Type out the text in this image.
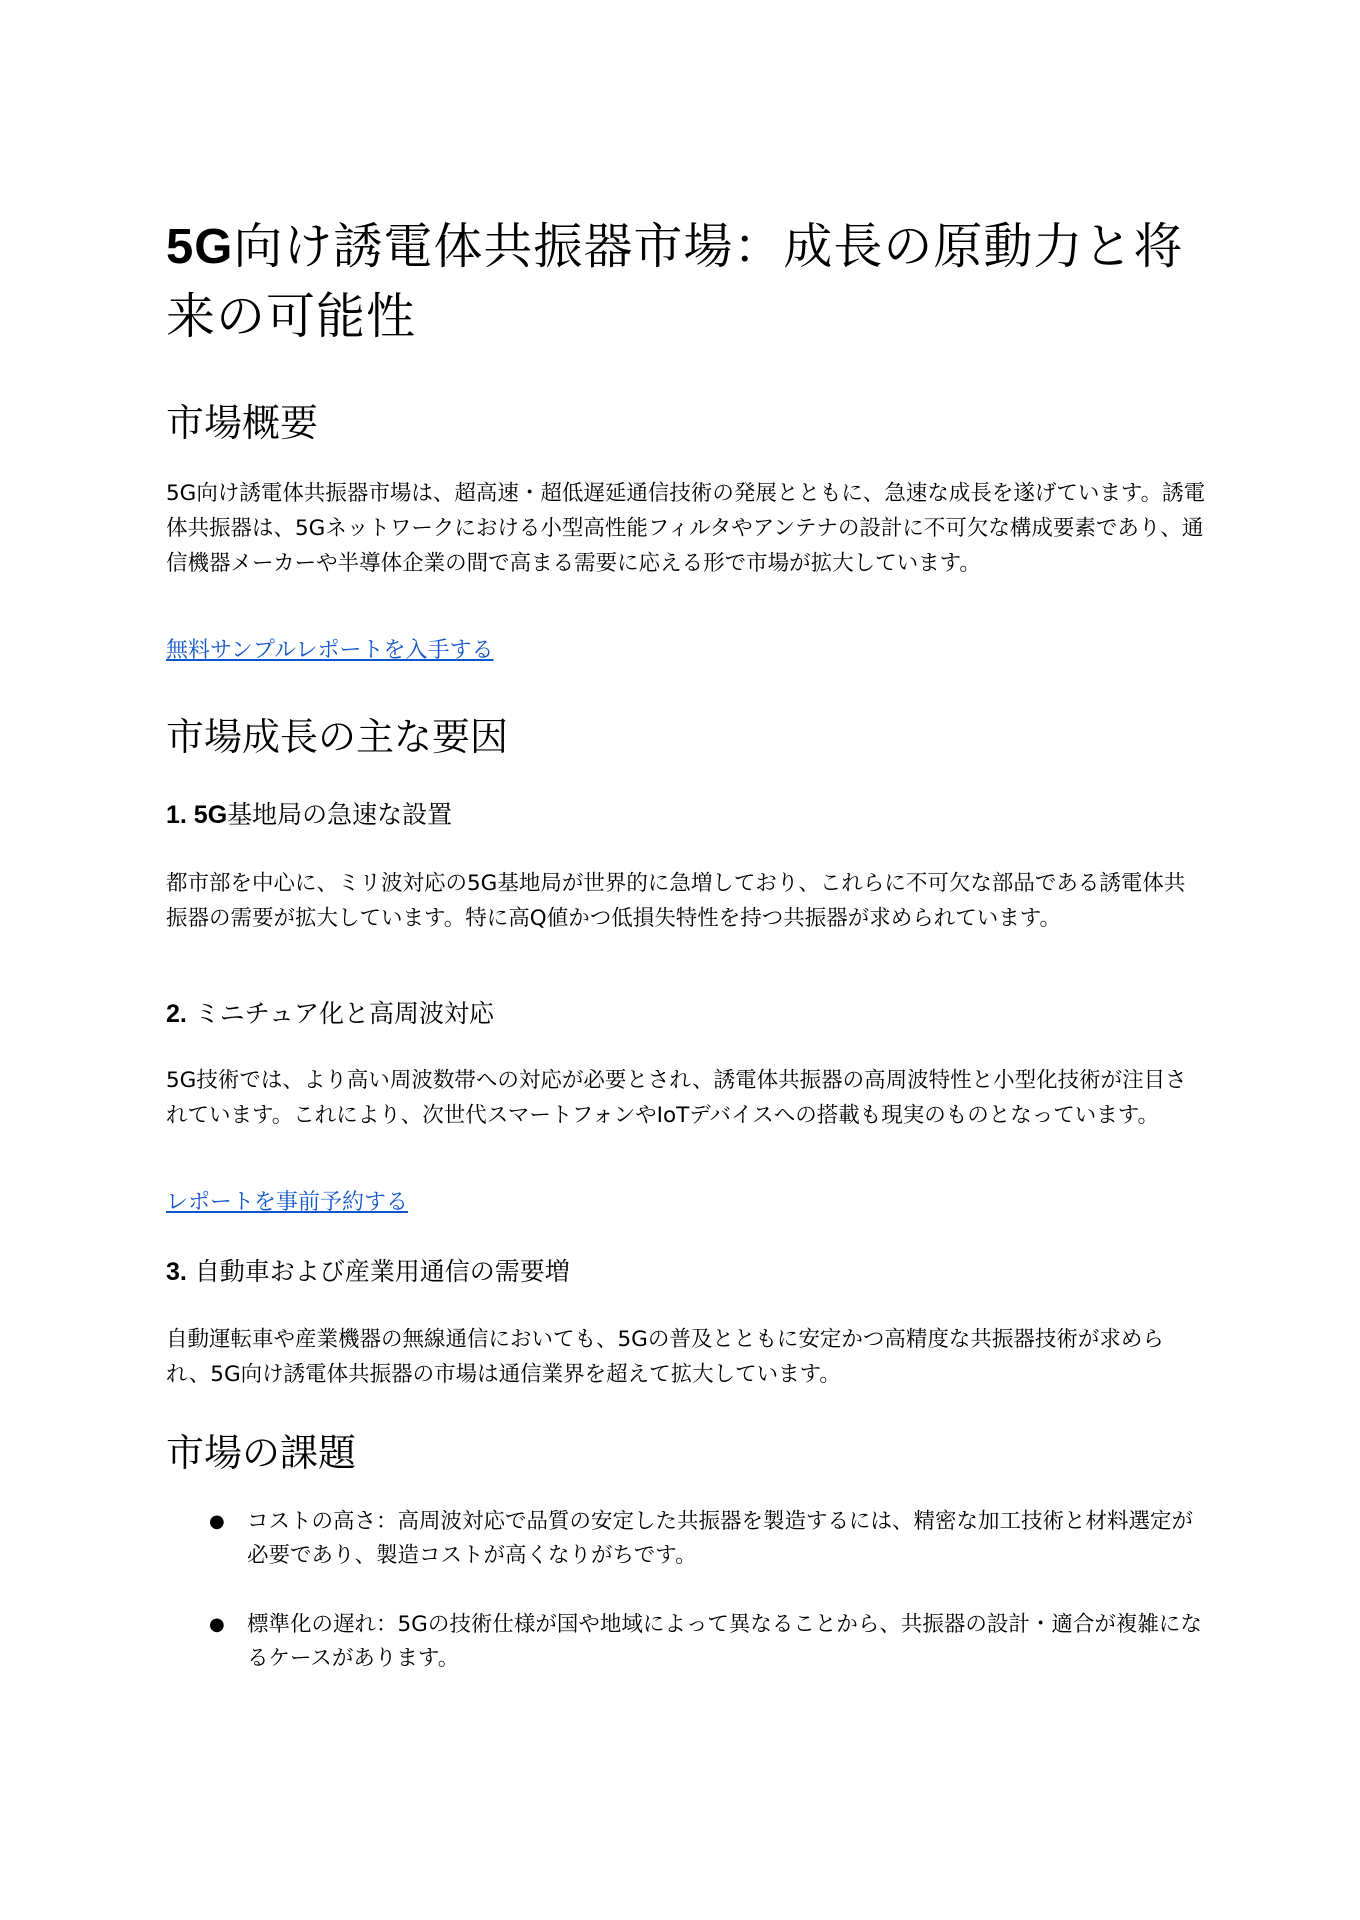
5G向け誘電体共振器市場：成長の原動力と将来の可能性
市場概要

5G向け誘電体共振器市場は、超高速・超低遅延通信技術の発展とともに、急速な成長を遂げています。誘電体共振器は、5Gネットワークにおける小型高性能フィルタやアンテナの設計に不可欠な構成要素であり、通信機器メーカーや半導体企業の間で高まる需要に応える形で市場が拡大しています。

無料サンプルレポートを入手する
市場成長の主な要因
1. 5G基地局の急速な設置

都市部を中心に、ミリ波対応の5G基地局が世界的に急増しており、これらに不可欠な部品である誘電体共振器の需要が拡大しています。特に高Q値かつ低損失特性を持つ共振器が求められています。

2. ミニチュア化と高周波対応

5G技術では、より高い周波数帯への対応が必要とされ、誘電体共振器の高周波特性と小型化技術が注目されています。これにより、次世代スマートフォンやIoTデバイスへの搭載も現実のものとなっています。

レポートを事前予約する
3. 自動車および産業用通信の需要増

自動運転車や産業機器の無線通信においても、5Gの普及とともに安定かつ高精度な共振器技術が求められ、5G向け誘電体共振器の市場は通信業界を超えて拡大しています。

市場の課題
● コストの高さ：高周波対応で品質の安定した共振器を製造するには、精密な加工技術と材料選定が必要であり、製造コストが高くなりがちです。
● 標準化の遅れ：5Gの技術仕様が国や地域によって異なることから、共振器の設計・適合が複雑になるケースがあります。
